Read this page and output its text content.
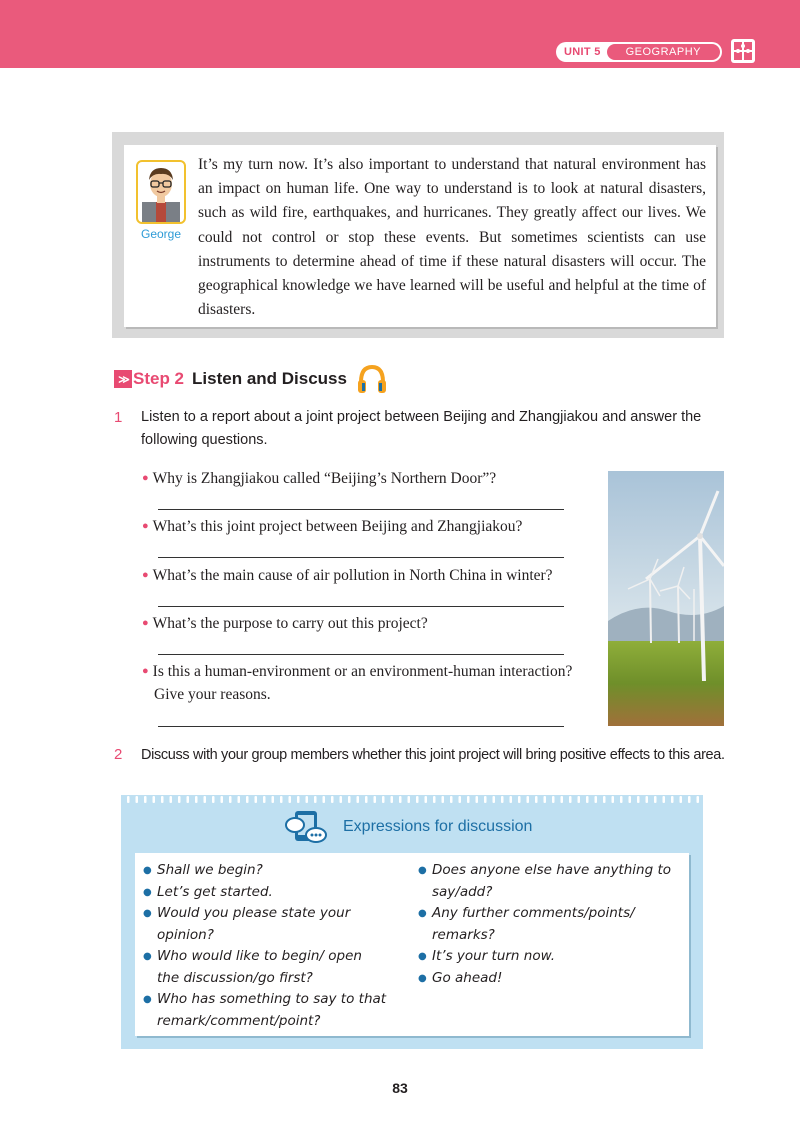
UNIT 5	GEOGRAPHY
George

It’s my turn now. It’s also important to understand that natural environment has an impact on human life. One way to understand is to look at natural disasters, such as wild fire, earthquakes, and hurricanes. They greatly affect our lives. We could not control or stop these events. But sometimes scientists can use instruments to determine ahead of time if these natural disasters will occur. The geographical knowledge we have learned will be useful and helpful at the time of disasters.

≫ Step 2 Listen and Discuss
1 Listen to a report about a joint project between Beijing and Zhangjiakou and answer the following questions.

● Why is Zhangjiakou called “Beijing’s Northern Door”?
● What’s this joint project between Beijing and Zhangjiakou?
● What’s the main cause of air pollution in North China in winter?
● What’s the purpose to carry out this project?
● Is this a human-environment or an environment-human interaction?
Give your reasons.
2 Discuss with your group members whether this joint project will bring positive effects to this area.

Expressions for discussion
● Shall we begin?
● Let’s get started.
● Would you please state your opinion?
● Who would like to begin/ open the discussion/go first?
● Who has something to say to that remark/comment/point?
● Does anyone else have anything to say/add?
● Any further comments/points/ remarks?
● It’s your turn now.
● Go ahead!
83
